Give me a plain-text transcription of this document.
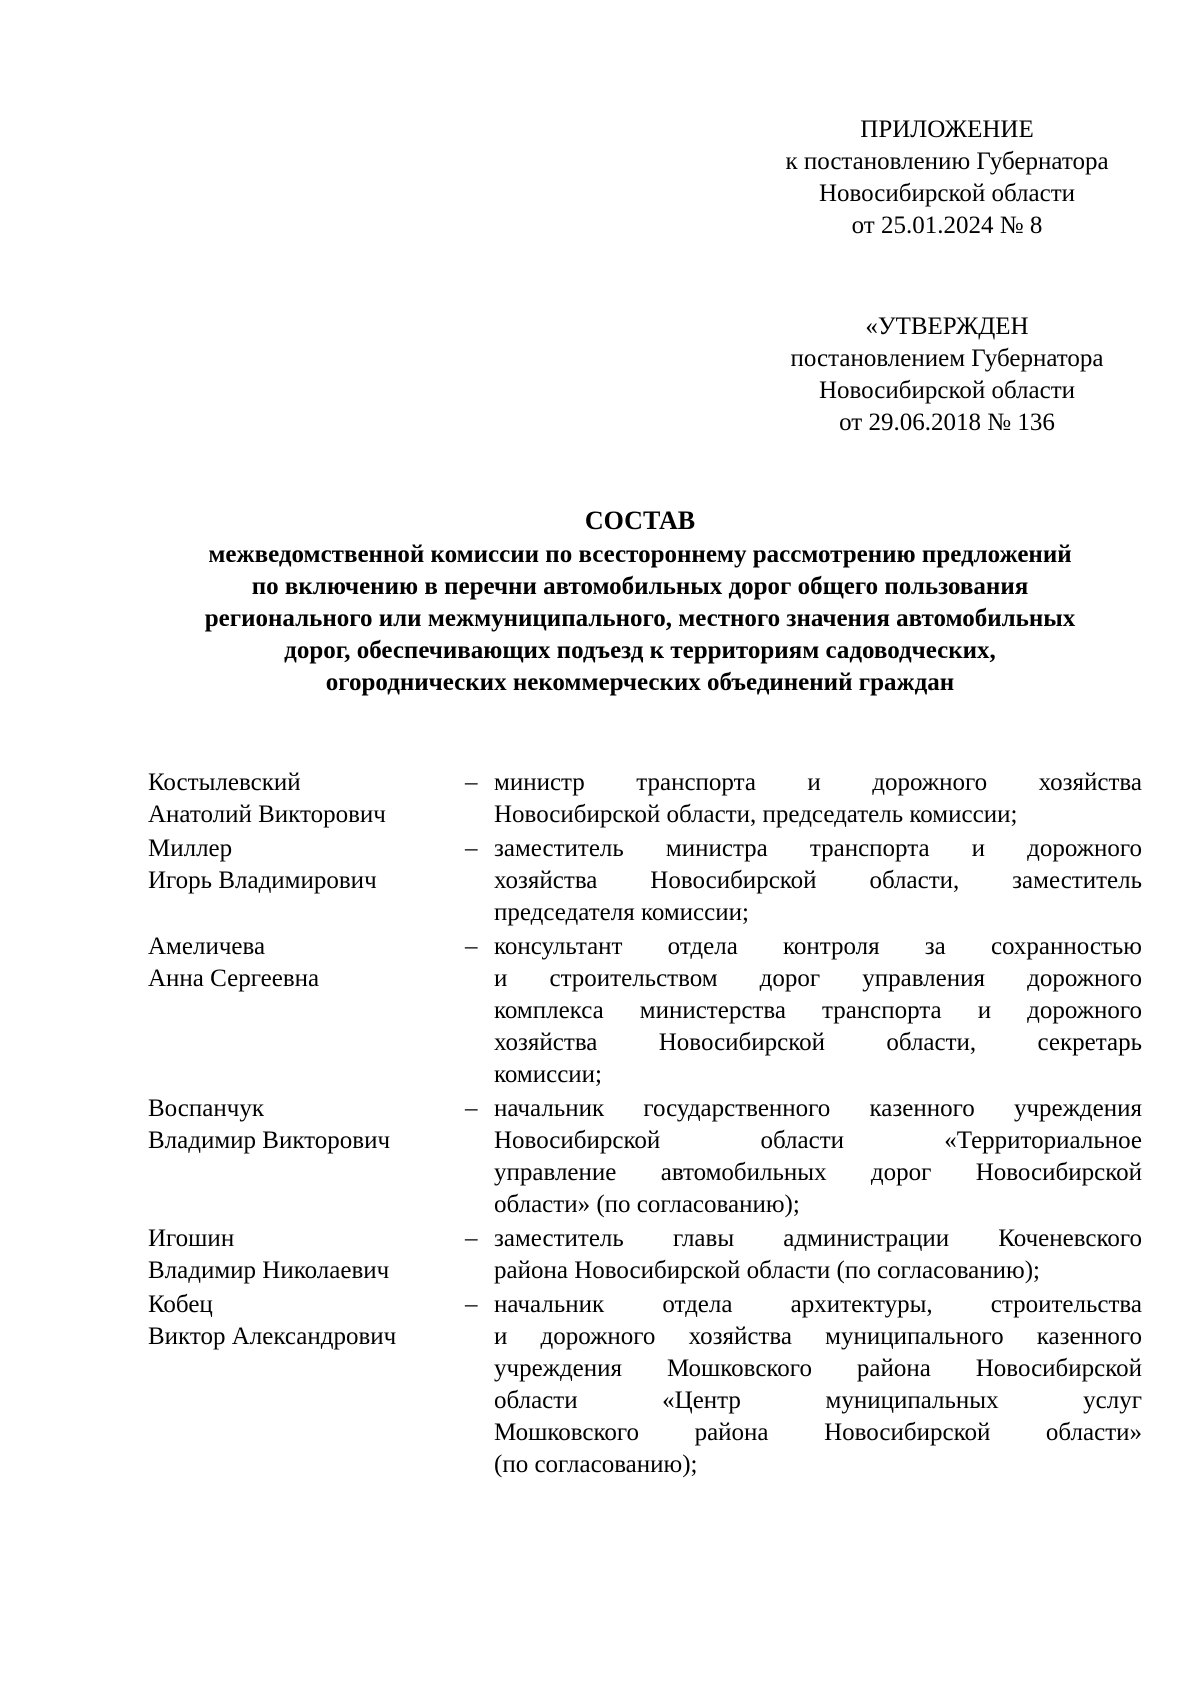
ПРИЛОЖЕНИЕ
к постановлению Губернатора
Новосибирской области
от 25.01.2024 № 8
«УТВЕРЖДЕН
постановлением Губернатора
Новосибирской области
от 29.06.2018 № 136
СОСТАВ
межведомственной комиссии по всестороннему рассмотрению предложений
по включению в перечни автомобильных дорог общего пользования
регионального или межмуниципального, местного значения автомобильных
дорог, обеспечивающих подъезд к территориям садоводческих,
огороднических некоммерческих объединений граждан
Костылевский
Анатолий Викторович
– министр транспорта и дорожного хозяйства
Новосибирской области, председатель комиссии;
Миллер
Игорь Владимирович
– заместитель министра транспорта и дорожного
хозяйства Новосибирской области, заместитель
председателя комиссии;
Амеличева
Анна Сергеевна
– консультант отдела контроля за сохранностью
и строительством дорог управления дорожного
комплекса министерства транспорта и дорожного
хозяйства Новосибирской области, секретарь
комиссии;
Воспанчук
Владимир Викторович
– начальник государственного казенного учреждения
Новосибирской области «Территориальное
управление автомобильных дорог Новосибирской
области» (по согласованию);
Игошин
Владимир Николаевич
– заместитель главы администрации Коченевского
района Новосибирской области (по согласованию);
Кобец
Виктор Александрович
– начальник отдела архитектуры, строительства
и дорожного хозяйства муниципального казенного
учреждения Мошковского района Новосибирской
области «Центр муниципальных услуг
Мошковского района Новосибирской области»
(по согласованию);
